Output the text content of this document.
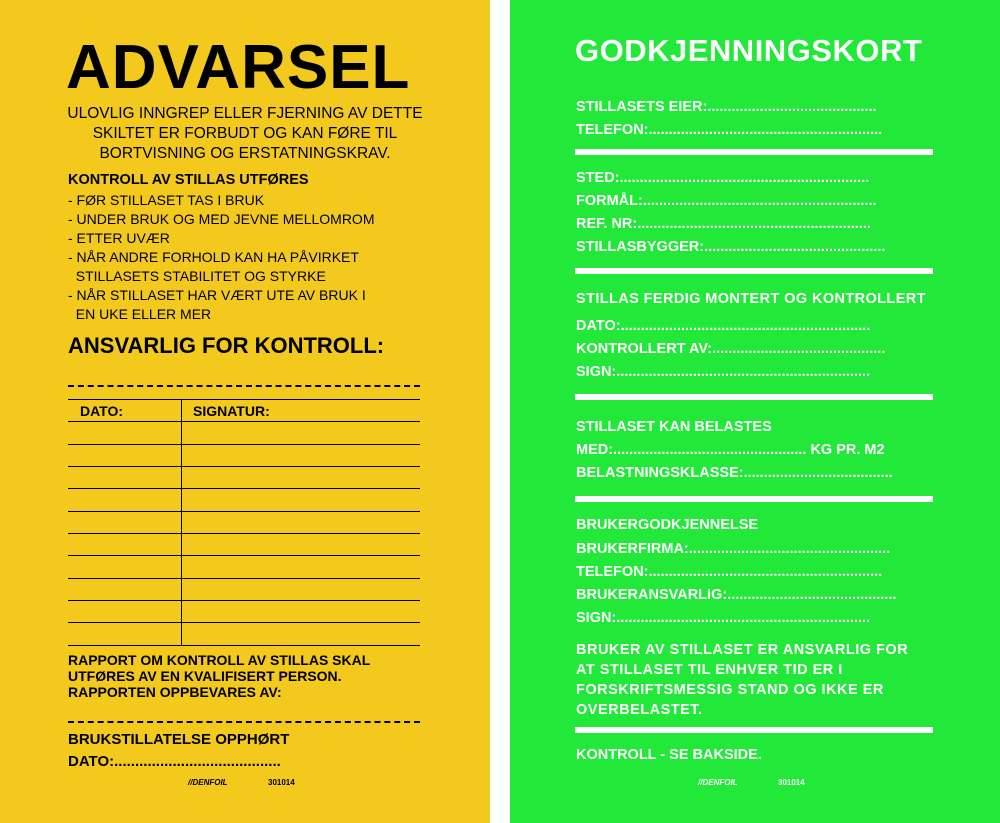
ADVARSEL
ULOVLIG INNGREP ELLER FJERNING AV DETTE
SKILTET ER FORBUDT OG KAN FØRE TIL
BORTVISNING OG ERSTATNINGSKRAV.
KONTROLL AV STILLAS UTFØRES
- FØR STILLASET TAS I BRUK
- UNDER BRUK OG MED JEVNE MELLOMROM
- ETTER UVÆR
- NÅR ANDRE FORHOLD KAN HA PÅVIRKET
STILLASETS STABILITET OG STYRKE
- NÅR STILLASET HAR VÆRT UTE AV BRUK I
EN UKE ELLER MER
ANSVARLIG FOR KONTROLL:
DATO:	SIGNATUR:
RAPPORT OM KONTROLL AV STILLAS SKAL
UTFØRES AV EN KVALIFISERT PERSON.
RAPPORTEN OPPBEVARES AV:
BRUKSTILLATELSE OPPHØRT
DATO:........................................
//DENFOIL	301014
GODKJENNINGSKORT
STILLASETS EIER:..........................................
TELEFON:..........................................................
STED:..............................................................
FORMÅL:..........................................................
REF. NR:..........................................................
STILLASBYGGER:.............................................
STILLAS FERDIG MONTERT OG KONTROLLERT
DATO:..............................................................
KONTROLLERT AV:...........................................
SIGN:...............................................................
STILLASET KAN BELASTES
MED:................................................ KG PR. M2
BELASTNINGSKLASSE:.....................................
BRUKERGODKJENNELSE
BRUKERFIRMA:..................................................
TELEFON:..........................................................
BRUKERANSVARLIG:..........................................
SIGN:...............................................................
BRUKER AV STILLASET ER ANSVARLIG FOR
AT STILLASET TIL ENHVER TID ER I
FORSKRIFTSMESSIG STAND OG IKKE ER
OVERBELASTET.
KONTROLL - SE BAKSIDE.
//DENFOIL	301014
